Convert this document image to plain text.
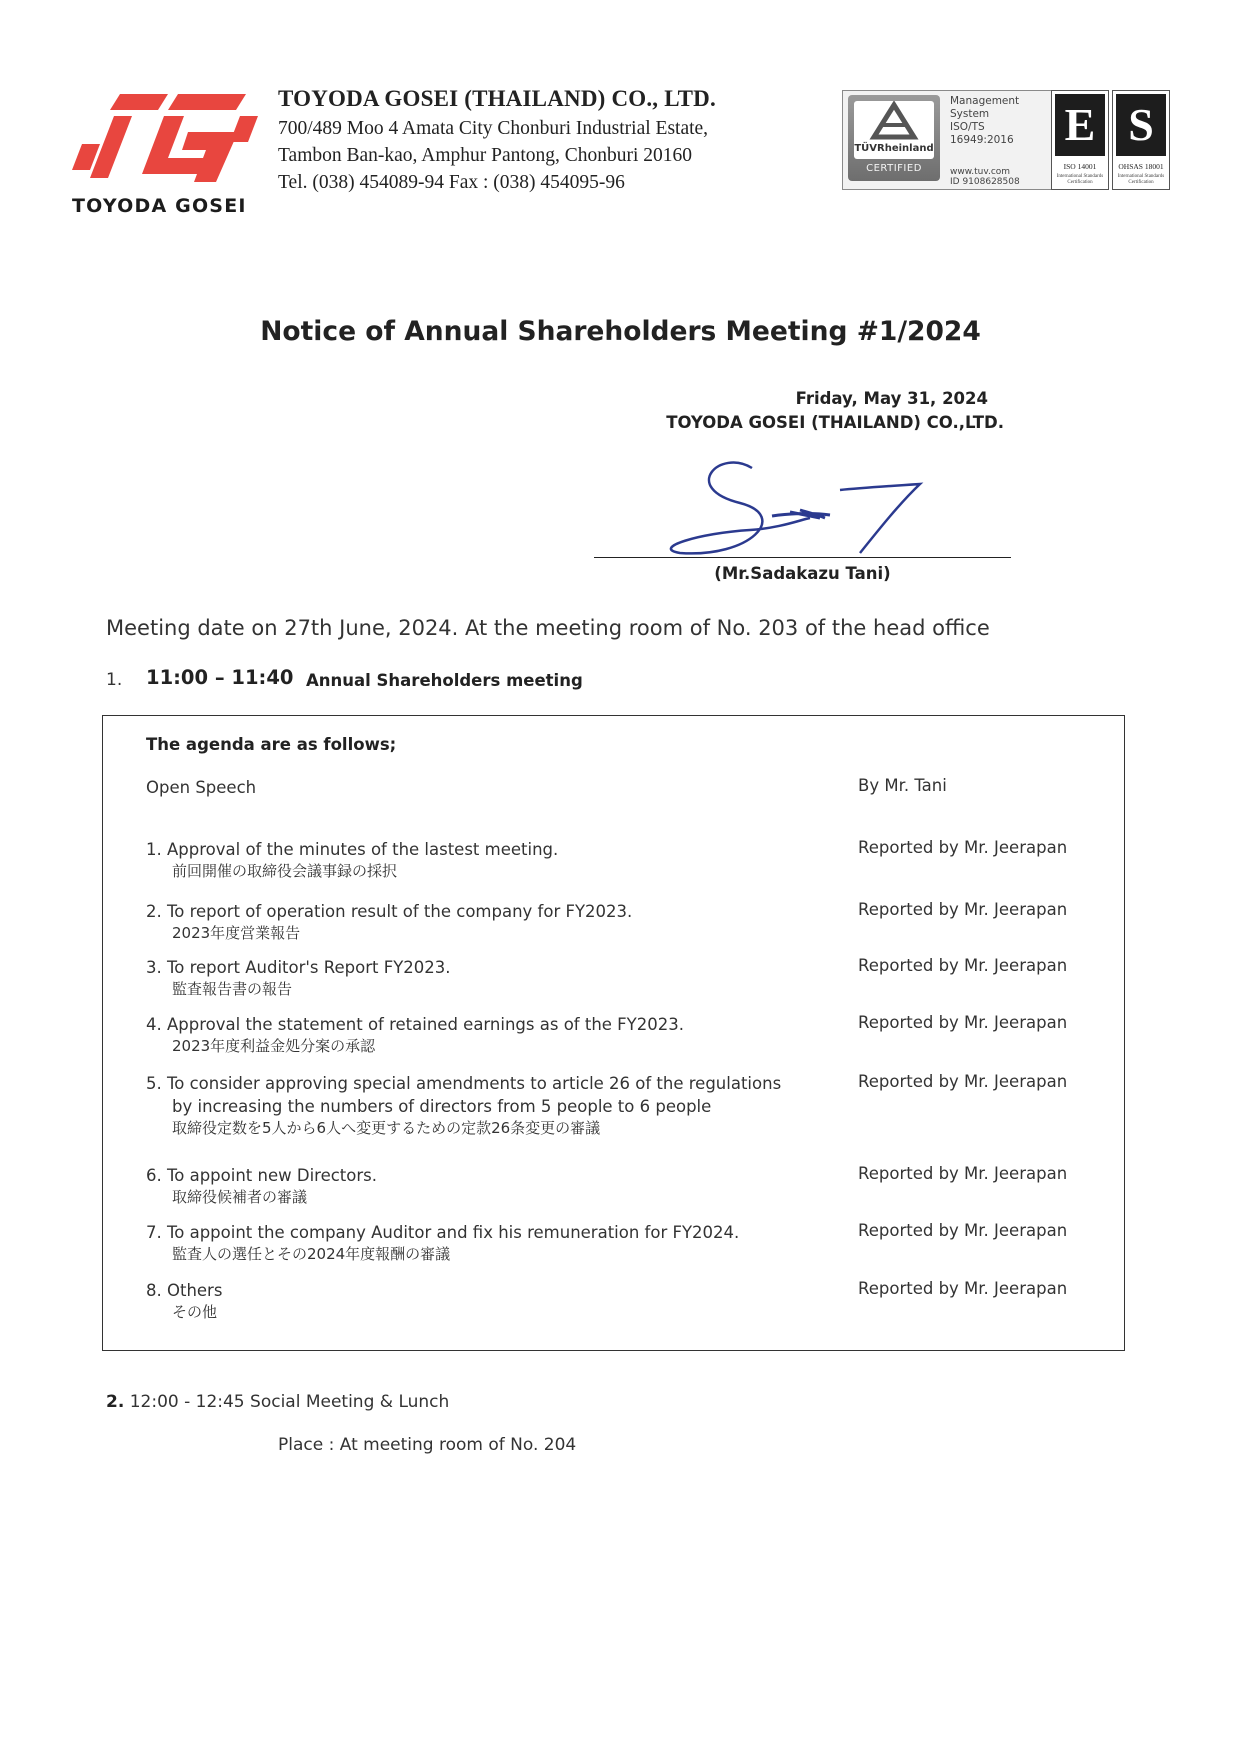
TOYODA GOSEI
TOYODA GOSEI (THAILAND) CO., LTD.
700/489 Moo 4 Amata City Chonburi Industrial Estate,
Tambon Ban-kao, Amphur Pantong, Chonburi 20160
Tel. (038) 454089-94 Fax : (038) 454095-96
TÜVRheinland
CERTIFIED
Management
System
ISO/TS
16949:2016
www.tuv.com
ID 9108628508
E
ISO 14001
International Standards
Certification
S
OHSAS 18001
International Standards
Certification
Notice of Annual Shareholders Meeting #1/2024
Friday, May 31, 2024
TOYODA GOSEI (THAILAND) CO.,LTD.
(Mr.Sadakazu Tani)
Meeting date on 27th June, 2024. At the meeting room of No. 203 of the head office
1. 11:00 – 11:40 Annual Shareholders meeting
The agenda are as follows;
Open Speech	By Mr. Tani
1. Approval of the minutes of the lastest meeting.
前回開催の取締役会議事録の採択
Reported by Mr. Jeerapan
2. To report of operation result of the company for FY2023.
2023年度営業報告
Reported by Mr. Jeerapan
3. To report Auditor's Report FY2023.
監査報告書の報告
Reported by Mr. Jeerapan
4. Approval the statement of retained earnings as of the FY2023.
2023年度利益金処分案の承認
Reported by Mr. Jeerapan
5. To consider approving special amendments to article 26 of the regulations
by increasing the numbers of directors from 5 people to 6 people
取締役定数を5人から6人へ変更するための定款26条変更の審議
Reported by Mr. Jeerapan
6. To appoint new Directors.
取締役候補者の審議
Reported by Mr. Jeerapan
7. To appoint the company Auditor and fix his remuneration for FY2024.
監査人の選任とその2024年度報酬の審議
Reported by Mr. Jeerapan
8. Others
その他
Reported by Mr. Jeerapan
2. 12:00 - 12:45 Social Meeting & Lunch
Place : At meeting room of No. 204
